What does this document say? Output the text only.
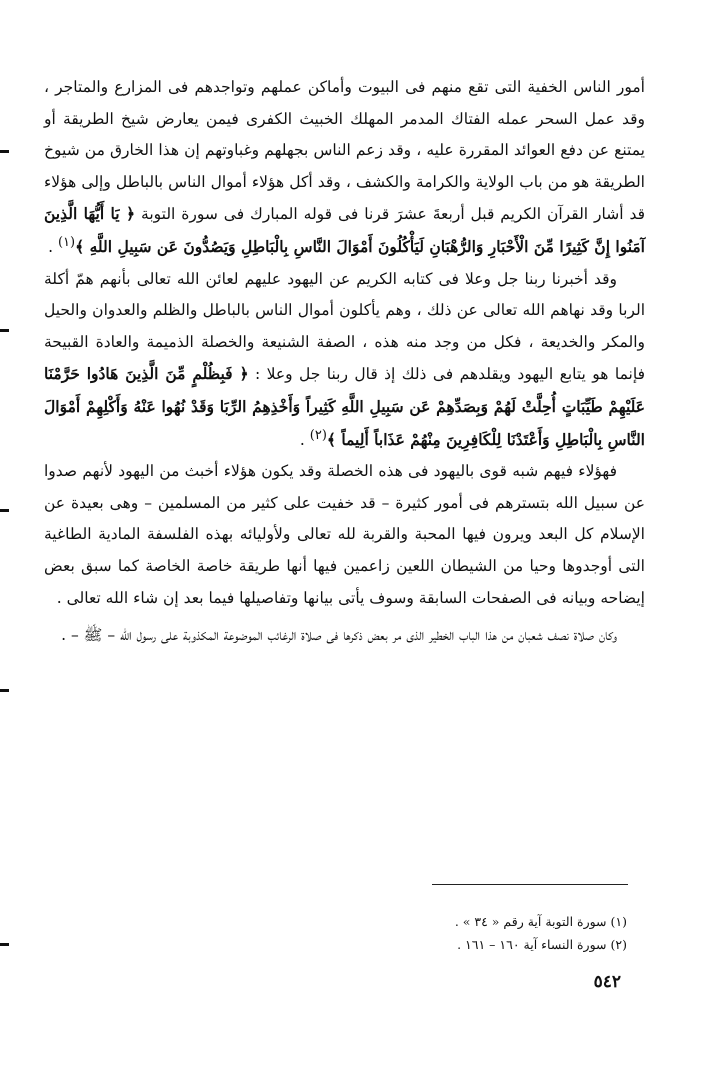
أمور الناس الخفية التى تقع منهم فى البيوت وأماكن عملهم وتواجدهم فى المزارع والمتاجر ، وقد عمل السحر عمله الفتاك المدمر المهلك الخبيث الكفرى فيمن يعارض شيخ الطريقة أو يمتنع عن دفع العوائد المقررة عليه ، وقد زعم الناس بجهلهم وغباوتهم إن هذا الخارق من شيوخ الطريقة هو من باب الولاية والكرامة والكشف ، وقد أكل هؤلاء أموال الناس بالباطل وإلى هؤلاء قد أشار القرآن الكريم قبل أربعةَ عشرَ قرنا فى قوله المبارك فى سورة التوبة ﴿ يَا أَيُّهَا الَّذِينَ آمَنُوا إِنَّ كَثِيرًا مِّنَ الْأَحْبَارِ وَالرُّهْبَانِ لَيَأْكُلُونَ أَمْوَالَ النَّاسِ بِالْبَاطِلِ وَيَصُدُّونَ عَن سَبِيلِ اللَّهِ ﴾$^{(١)}$ .

وقد أخبرنا ربنا جل وعلا فى كتابه الكريم عن اليهود عليهم لعائن الله تعالى بأنهم همّ أكلة الربا وقد نهاهم الله تعالى عن ذلك ، وهم يأكلون أموال الناس بالباطل والظلم والعدوان والحيل والمكر والخديعة ، فكل من وجد منه هذه ، الصفة الشنيعة والخصلة الذميمة والعادة القبيحة فإنما هو يتابع اليهود ويقلدهم فى ذلك إذ قال ربنا جل وعلا : ﴿ فَبِظُلْمٍ مِّنَ الَّذِينَ هَادُوا حَرَّمْنَا عَلَيْهِمْ طَيِّبَاتٍ أُحِلَّتْ لَهُمْ وَبِصَدِّهِمْ عَن سَبِيلِ اللَّهِ كَثِيراً وَأَخْذِهِمُ الرِّبَا وَقَدْ نُهُوا عَنْهُ وَأَكْلِهِمْ أَمْوَالَ النَّاسِ بِالْبَاطِلِ وَأَعْتَدْنَا لِلْكَافِرِينَ مِنْهُمْ عَذَاباً أَلِيماً ﴾$^{(٢)}$ .

فهؤلاء فيهم شبه قوى باليهود فى هذه الخصلة وقد يكون هؤلاء أخبث من اليهود لأنهم صدوا عن سبيل الله بتسترهم فى أمور كثيرة – قد خفيت على كثير من المسلمين – وهى بعيدة عن الإسلام كل البعد ويرون فيها المحبة والقربة لله تعالى ولأوليائه بهذه الفلسفة المادية الطاغية التى أوجدوها وحيا من الشيطان اللعين زاعمين فيها أنها طريقة خاصة الخاصة كما سبق بعض إيضاحه وبيانه فى الصفحات السابقة وسوف يأتى بيانها وتفاصيلها فيما بعد إن شاء الله تعالى .

وكان صلاة نصف شعبان من هذا الباب الخطير الذى مر بعض ذكرها فى صلاة الرغائب الموضوعة المكذوبة على رسول الله – ﷺ – .

(١) سورة التوبة آية رقم « ٣٤ » .

(٢) سورة النساء آية ١٦٠ – ١٦١ .

٥٤٢
